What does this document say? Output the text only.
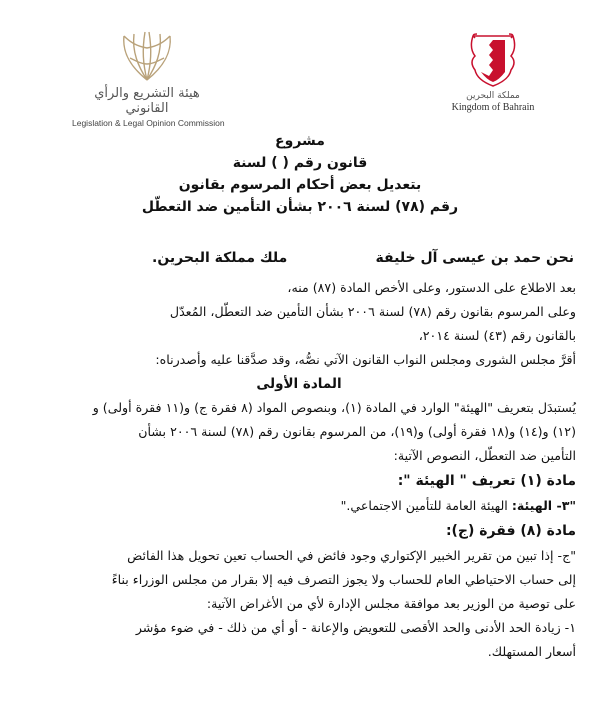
هيئة التشريع والرأي القانوني
Legislation & Legal Opinion Commission
مملكة البحرين
Kingdom of Bahrain
مشروع
قانون رقم ( ) لسنة
بتعديل بعض أحكام المرسوم بقانون
رقم (٧٨) لسنة ٢٠٠٦ بشأن التأمين ضد التعطّل
نحن حمد بن عيسى آل خليفة
ملك مملكة البحرين.

بعد الاطلاع على الدستور، وعلى الأخص المادة (٨٧) منه،

وعلى المرسوم بقانون رقم (٧٨) لسنة ٢٠٠٦ بشأن التأمين ضد التعطّل، المُعدّل

بالقانون رقم (٤٣) لسنة ٢٠١٤،

أقرَّ مجلس الشورى ومجلس النواب القانون الآتي نصُّه، وقد صدَّقنا عليه وأصدرناه:

المادة الأولى

يُستبدَل بتعريف "الهيئة" الوارد في المادة (١)، وبنصوص المواد (٨ فقرة ج) و(١١ فقرة أولى) و

(١٢) و(١٤) و(١٨ فقرة أولى) و(١٩)، من المرسوم بقانون رقم (٧٨) لسنة ٢٠٠٦ بشأن

التأمين ضد التعطّل، النصوص الآتية:

مادة (١) تعريف " الهيئة ":

"٣- الهيئة: الهيئة العامة للتأمين الاجتماعي."

مادة (٨) فقرة (ج):

"ج- إذا تبين من تقرير الخبير الإكتواري وجود فائض في الحساب تعين تحويل هذا الفائض

إلى حساب الاحتياطي العام للحساب ولا يجوز التصرف فيه إلا بقرار من مجلس الوزراء بناءً

على توصية من الوزير بعد موافقة مجلس الإدارة لأي من الأغراض الآتية:

١- زيادة الحد الأدنى والحد الأقصى للتعويض والإعانة - أو أي من ذلك - في ضوء مؤشر

أسعار المستهلك.
